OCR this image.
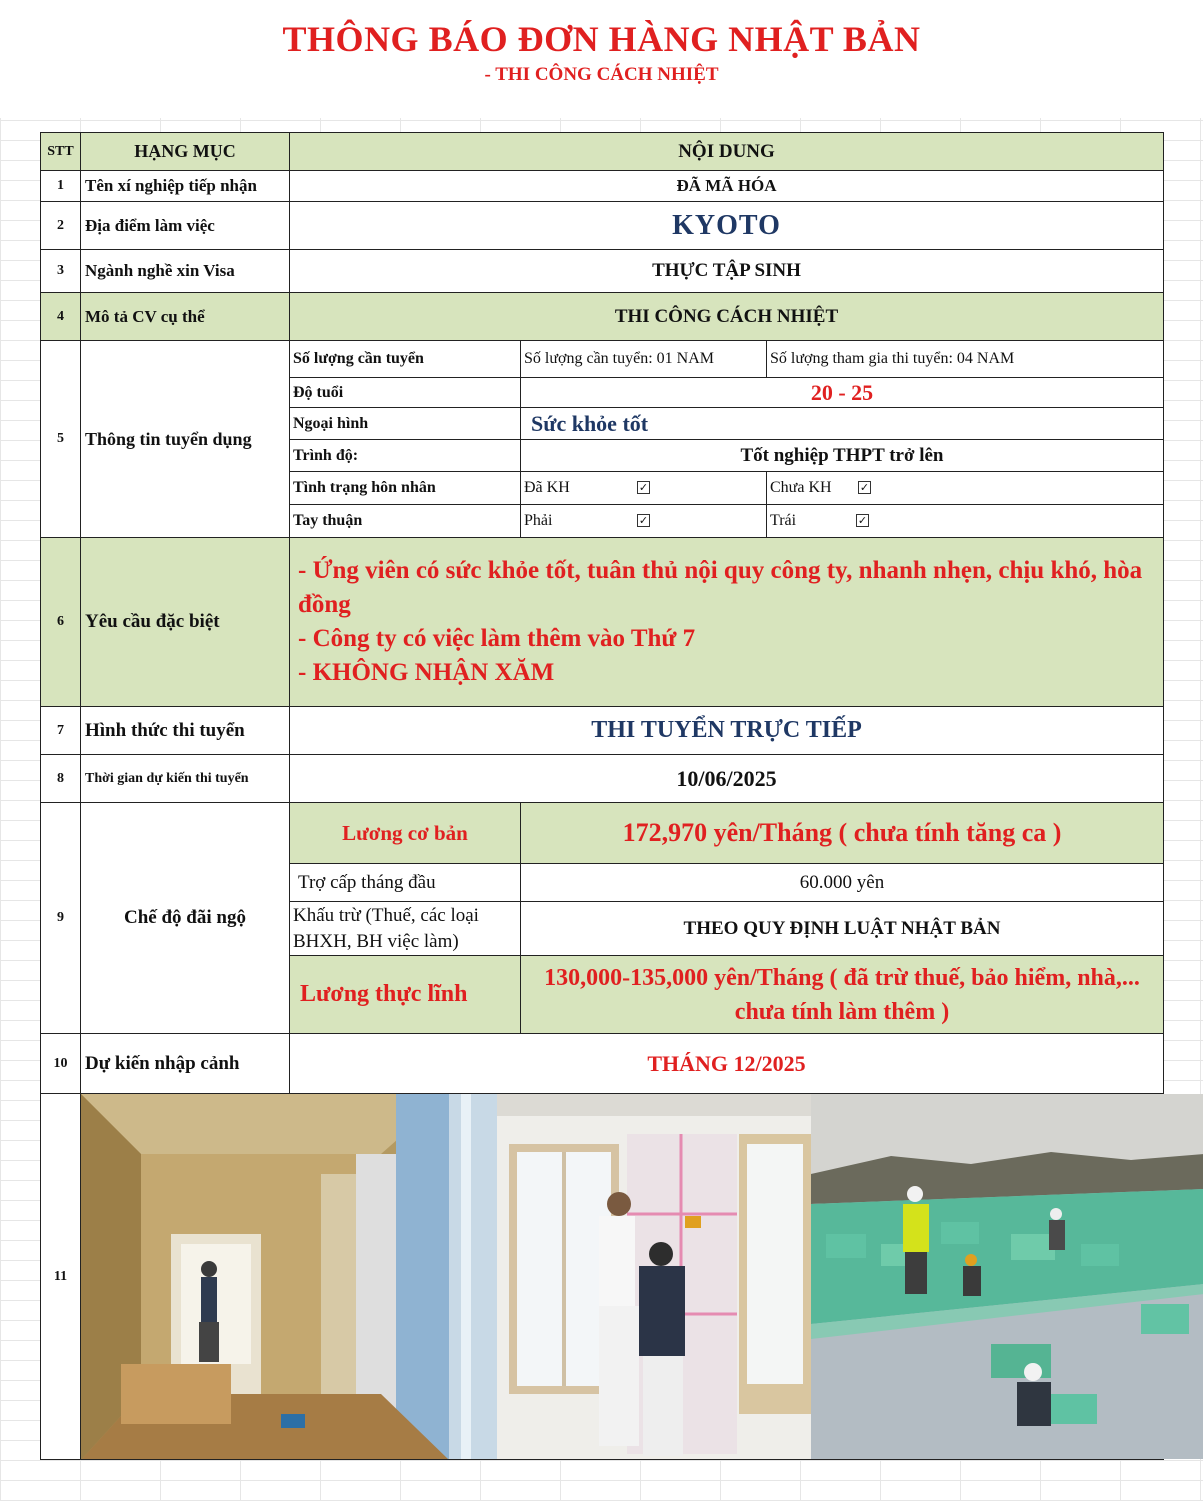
THÔNG BÁO ĐƠN HÀNG NHẬT BẢN
- THI CÔNG CÁCH NHIỆT
STT	HẠNG MỤC	NỘI DUNG		
1	Tên xí nghiệp tiếp nhận	ĐÃ MÃ HÓA		
2	Địa điểm làm việc	KYOTO		
3	Ngành nghề xin Visa	THỰC TẬP SINH		
4	Mô tả CV cụ thể	THI CÔNG CÁCH NHIỆT		
5	Thông tin tuyển dụng	Số lượng cần tuyển	Số lượng cần tuyển: 01 NAM	Số lượng tham gia thi tuyển: 04 NAM
		Độ tuổi	20 - 25	
		Ngoại hình	Sức khỏe tốt	
		Trình độ:	Tốt nghiệp THPT trở lên	
		Tình trạng hôn nhân	Đã KH ✓	Chưa KH ✓

		Tay thuận	Phải ✓	Trái ✓

6	Yêu cầu đặc biệt	- Ứng viên có sức khỏe tốt, tuân thủ nội quy công ty, nhanh nhẹn, chịu khó, hòa đồng
- Công ty có việc làm thêm vào Thứ 7
- KHÔNG NHẬN XĂM		

7	Hình thức thi tuyển	THI TUYỂN TRỰC TIẾP		
8	Thời gian dự kiến thi tuyển	10/06/2025		
9	Chế độ đãi ngộ	Lương cơ bản	172,970 yên/Tháng ( chưa tính tăng ca )	
		Trợ cấp tháng đầu	60.000 yên	
		Khấu trừ (Thuế, các loại BHXH, BH việc làm)	THEO QUY ĐỊNH LUẬT NHẬT BẢN	
		Lương thực lĩnh	130,000-135,000 yên/Tháng ( đã trừ thuế, bảo hiểm, nhà,... chưa tính làm thêm )	
10	Dự kiến nhập cảnh	THÁNG 12/2025		
11	
